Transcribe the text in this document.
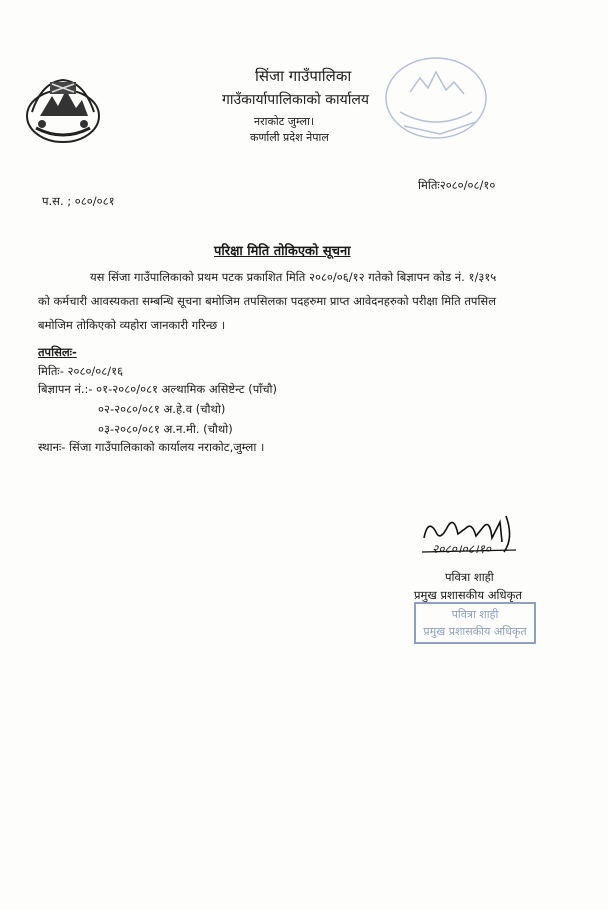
सिंजा गाउँपालिका
गाउँकार्यापालिकाको कार्यालय
नराकोट जुम्ला।
कर्णाली प्रदेश नेपाल
प.स. ; ०८०/०८१
मितिः२०८०/०८/१०
परिक्षा मिति तोकिएको सूचना
यस सिंजा गाउँपालिकाको प्रथम पटक प्रकाशित मिति २०८०/०६/१२ गतेको बिज्ञापन कोड नं. १/३१५
को कर्मचारी आवस्यकता सम्बन्धि सूचना बमोजिम तपसिलका पदहरुमा प्राप्त आवेदनहरुको परीक्षा मिति तपसिल
बमोजिम तोकिएको व्यहोरा जानकारी गरिन्छ ।
तपसिलः-
मितिः- २०८०/०८/१६
बिज्ञापन नं.:- ०१-२०८०/०८१ अल्थामिक असिष्टेन्ट (पाँचौ)
०२-२०८०/०८१ अ.हे.व (चौथो)
०३-२०८०/०८१ अ.न.मी. (चौथो)
स्थानः- सिंजा गाउँपालिकाको कार्यालय नराकोट,जुम्ला ।
२०८०।०८।१०
पवित्रा शाही
प्रमुख प्रशासकीय अधिकृत
पवित्रा शाही
प्रमुख प्रशासकीय अधिकृत
